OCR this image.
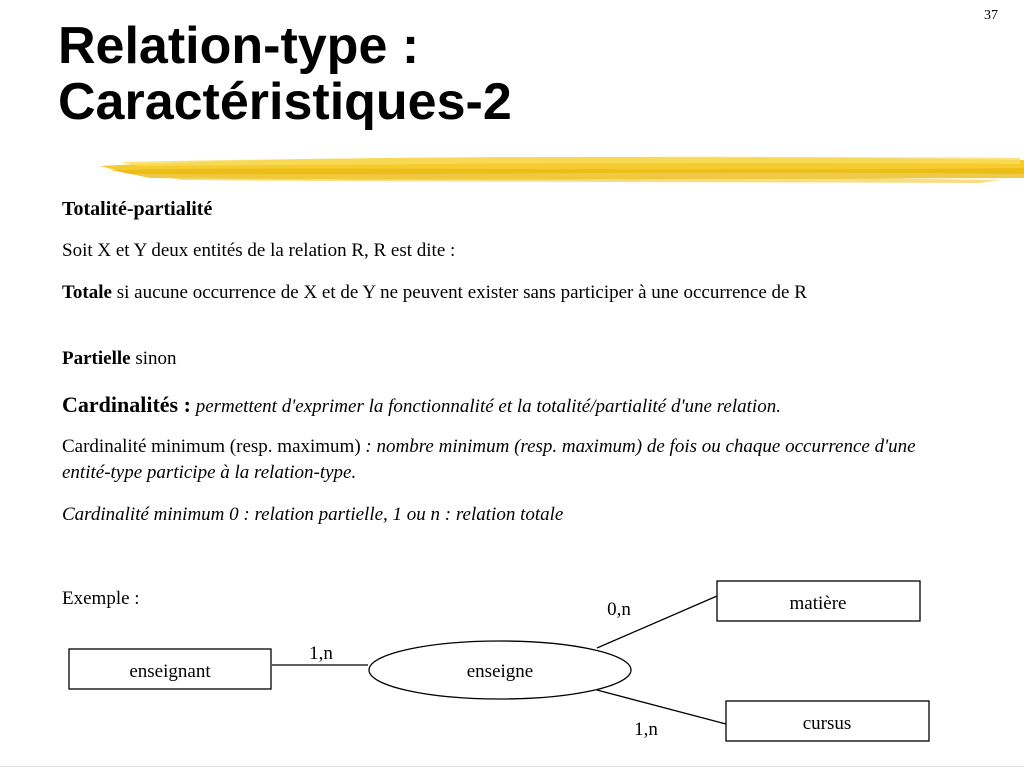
37
Relation-type :
Caractéristiques-2

Totalité-partialité

Soit X et Y deux entités de la relation R, R est dite :

Totale si aucune occurrence de X et de Y ne peuvent exister sans participer à une occurrence de R

Partielle sinon

Cardinalités : permettent d'exprimer la fonctionnalité et la totalité/partialité d'une relation.

Cardinalité minimum (resp. maximum) : nombre minimum (resp. maximum) de fois ou chaque occurrence d'une entité-type participe à la relation-type.

Cardinalité minimum 0 : relation partielle, 1 ou n : relation totale

Exemple :

enseignant	enseigne
matière
cursus
1,n
0,n
1,n
